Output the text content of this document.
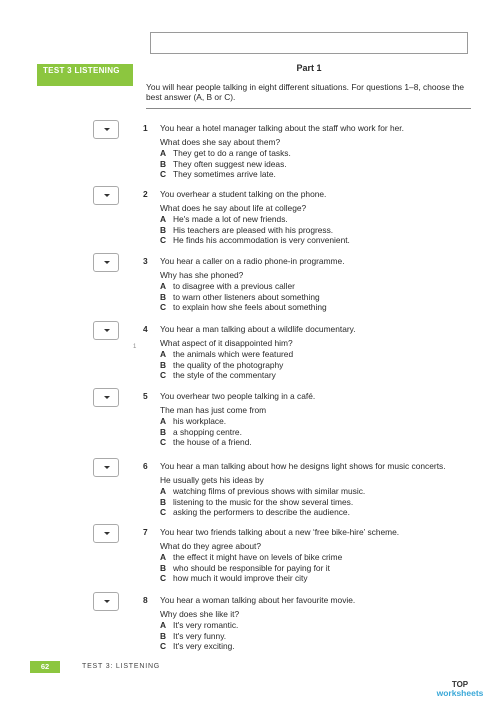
TEST 3 LISTENING	Part 1
You will hear people talking in eight different situations. For questions 1–8, choose the best answer (A, B or C).
1 You hear a hotel manager talking about the staff who work for her.
What does she say about them?
A They get to do a range of tasks.
B They often suggest new ideas.
C They sometimes arrive late.
2 You overhear a student talking on the phone.
What does he say about life at college?
A He's made a lot of new friends.
B His teachers are pleased with his progress.
C He finds his accommodation is very convenient.
3 You hear a caller on a radio phone-in programme.
Why has she phoned?
A to disagree with a previous caller
B to warn other listeners about something
C to explain how she feels about something
4 You hear a man talking about a wildlife documentary.
1	What aspect of it disappointed him?
A the animals which were featured
B the quality of the photography
C the style of the commentary
5 You overhear two people talking in a café.
The man has just come from
A his workplace.
B a shopping centre.
C the house of a friend.
6 You hear a man talking about how he designs light shows for music concerts.
He usually gets his ideas by
A watching films of previous shows with similar music.
B listening to the music for the show several times.
C asking the performers to describe the audience.
7 You hear two friends talking about a new ‘free bike-hire’ scheme.
What do they agree about?
A the effect it might have on levels of bike crime
B who should be responsible for paying for it
C how much it would improve their city
8 You hear a woman talking about her favourite movie.
Why does she like it?
A It's very romantic.
B It's very funny.
C It's very exciting.
62	TEST 3: LISTENING
TOP
worksheets
